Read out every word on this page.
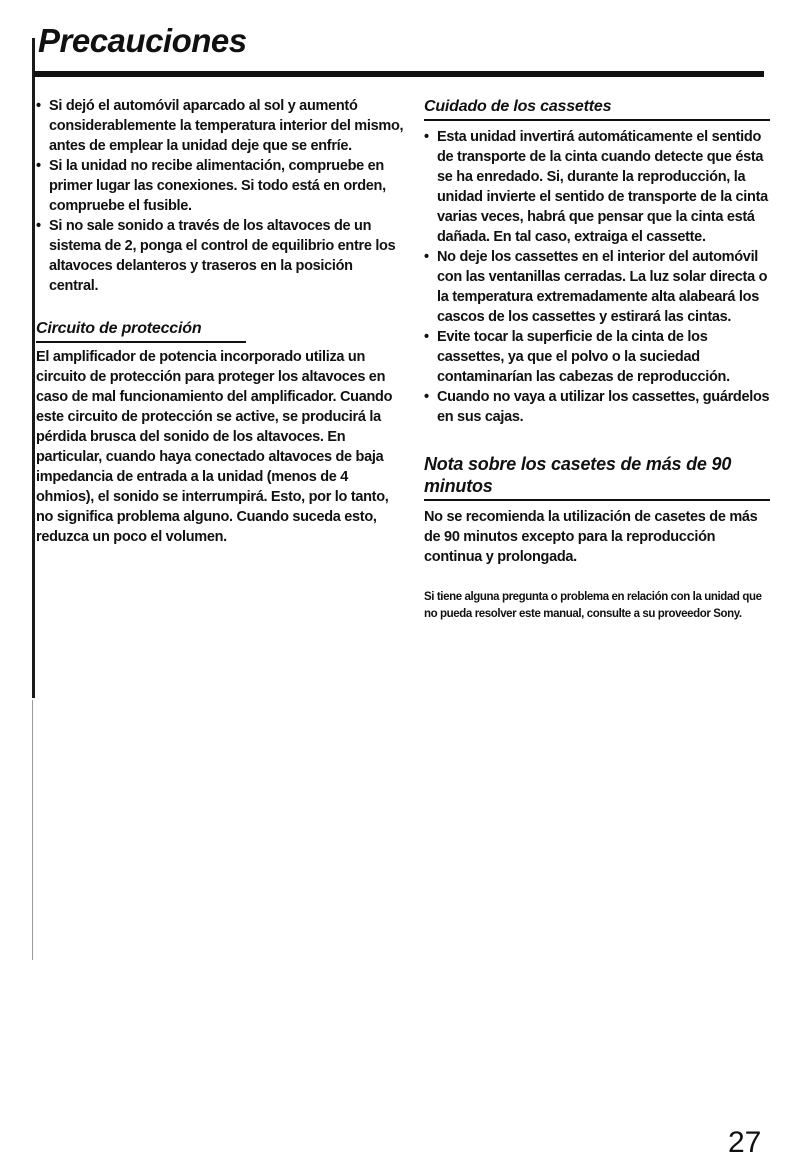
Precauciones
• Si dejó el automóvil aparcado al sol y aumentó considerablemente la temperatura interior del mismo, antes de emplear la unidad deje que se enfríe.
• Si la unidad no recibe alimentación, compruebe en primer lugar las conexiones. Si todo está en orden, compruebe el fusible.
• Si no sale sonido a través de los altavoces de un sistema de 2, ponga el control de equilibrio entre los altavoces delanteros y traseros en la posición central.
Circuito de protección

El amplificador de potencia incorporado utiliza un circuito de protección para proteger los altavoces en caso de mal funcionamiento del amplificador. Cuando este circuito de protección se active, se producirá la pérdida brusca del sonido de los altavoces. En particular, cuando haya conectado altavoces de baja impedancia de entrada a la unidad (menos de 4 ohmios), el sonido se interrumpirá. Esto, por lo tanto, no significa problema alguno. Cuando suceda esto, reduzca un poco el volumen.

Cuidado de los cassettes
• Esta unidad invertirá automáticamente el sentido de transporte de la cinta cuando detecte que ésta se ha enredado. Si, durante la reproducción, la unidad invierte el sentido de transporte de la cinta varias veces, habrá que pensar que la cinta está dañada. En tal caso, extraiga el cassette.
• No deje los cassettes en el interior del automóvil con las ventanillas cerradas. La luz solar directa o la temperatura extremadamente alta alabeará los cascos de los cassettes y estirará las cintas.
• Evite tocar la superficie de la cinta de los cassettes, ya que el polvo o la suciedad contaminarían las cabezas de reproducción.
• Cuando no vaya a utilizar los cassettes, guárdelos en sus cajas.
Nota sobre los casetes de más de 90 minutos

No se recomienda la utilización de casetes de más de 90 minutos excepto para la reproducción continua y prolongada.

Si tiene alguna pregunta o problema en relación con la unidad que no pueda resolver este manual, consulte a su proveedor Sony.

27
